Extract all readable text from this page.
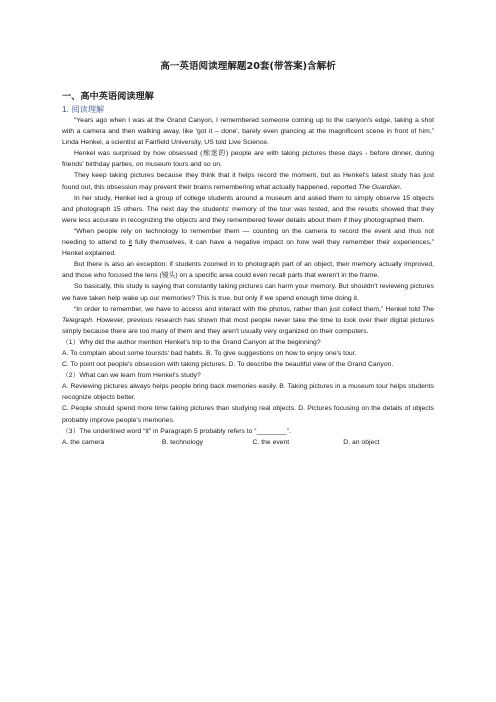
高一英语阅读理解题20套(带答案)含解析
一、高中英语阅读理解
1. 阅读理解

“Years ago when I was at the Grand Canyon, I remembered someone coming up to the canyon's edge, taking a shot with a camera and then walking away, like 'got it – done', barely even glancing at the magnificent scene in front of him,” Linda Henkel, a scientist at Fairfield University, US told Live Science.

Henkel was surprised by how obsessed (痴迷的) people are with taking pictures these days - before dinner, during friends' birthday parties, on museum tours and so on.

They keep taking pictures because they think that it helps record the moment, but as Henkel's latest study has just found out, this obsession may prevent their brains remembering what actually happened, reported The Guardian.

In her study, Henkel led a group of college students around a museum and asked them to simply observe 15 objects and photograph 15 others. The next day the students' memory of the tour was tested, and the results showed that they were less accurate in recognizing the objects and they remembered fewer details about them if they photographed them.

“When people rely on technology to remember them — counting on the camera to record the event and thus not needing to attend to it fully themselves, it can have a negative impact on how well they remember their experiences,” Henkel explained.

But there is also an exception: if students zoomed in to photograph part of an object, their memory actually improved, and those who focused the lens (镜头) on a specific area could even recall parts that weren't in the frame.

So basically, this study is saying that constantly taking pictures can harm your memory. But shouldn't reviewing pictures we have taken help wake up our memories? This is true, but only if we spend enough time doing it.

“In order to remember, we have to access and interact with the photos, rather than just collect them,” Henkel told The Telegraph. However, previous research has shown that most people never take the time to look over their digital pictures simply because there are too many of them and they aren't usually very organized on their computers.

（1）Why did the author mention Henkel's trip to the Grand Canyon at the beginning?

A. To complain about some tourists' bad habits. B. To give suggestions on how to enjoy one's tour.

C. To point out people's obsession with taking pictures. D. To describe the beautiful view of the Grand Canyon.

（2）What can we learn from Henkel's study?

A. Reviewing pictures always helps people bring back memories easily. B. Taking pictures in a museum tour helps students recognize objects better.

C. People should spend more time taking pictures than studying real objects. D. Pictures focusing on the details of objects probably improve people's memories.

（3）The underlined word “it” in Paragraph 5 probably refers to “________”.

A. the camera	B. technology	C. the event	D. an object
